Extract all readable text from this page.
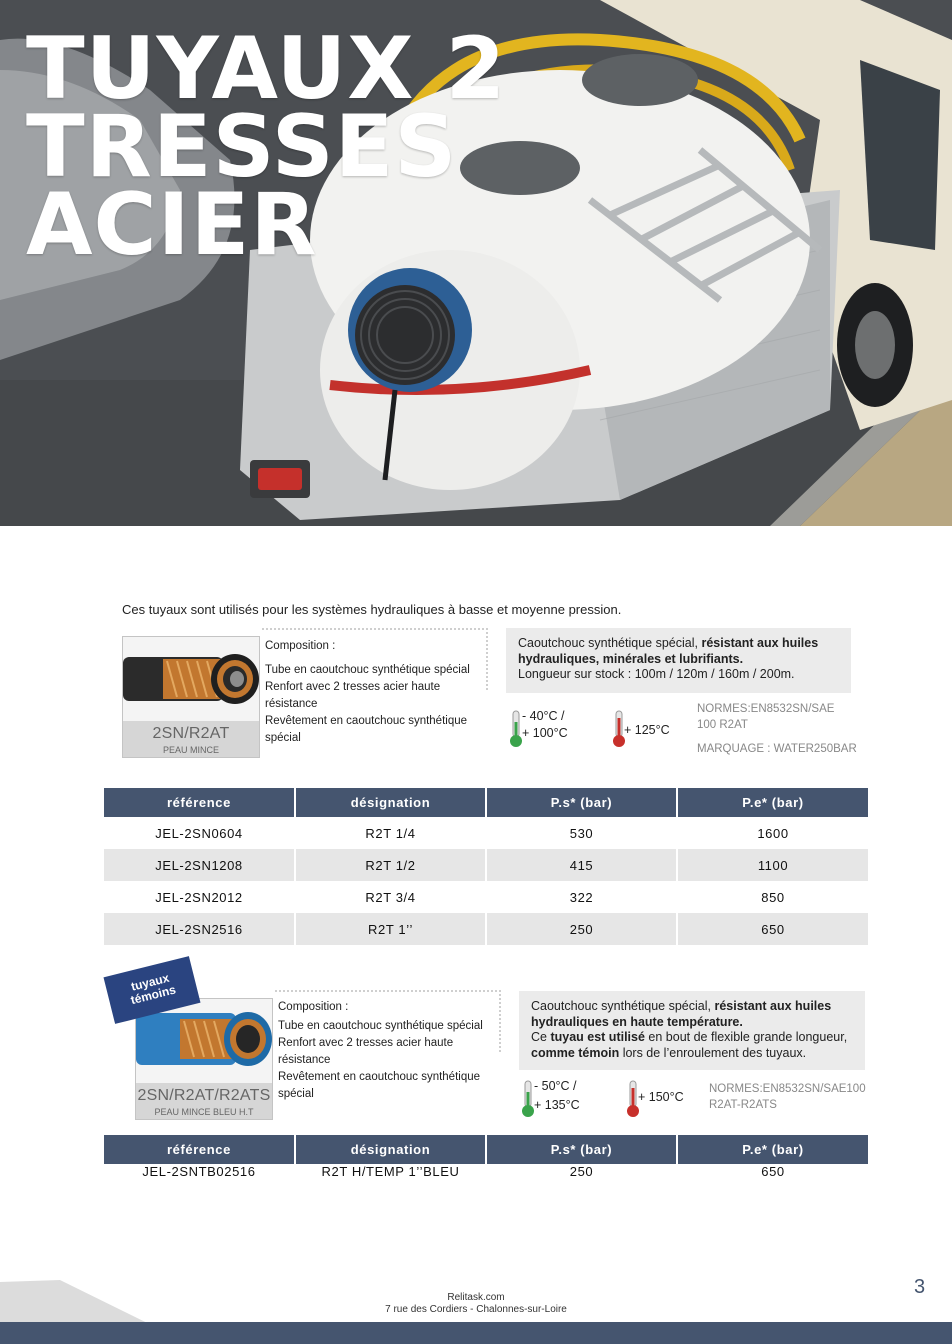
TUYAUX 2
TRESSES
ACIER
Ces tuyaux sont utilisés pour les systèmes hydrauliques à basse et moyenne pression.
2SN/R2AT
PEAU MINCE
Composition :
Tube en caoutchouc synthétique spécial
Renfort avec 2 tresses acier haute résistance
Revêtement en caoutchouc synthétique spécial
Caoutchouc synthétique spécial, résistant aux huiles hydrauliques, minérales et lubrifiants.
Longueur sur stock : 100m / 120m / 160m / 200m.
- 40°C /
+ 100°C	+ 125°C
NORMES:EN8532SN/SAE 100 R2AT
MARQUAGE : WATER250BAR
référence	désignation	P.s* (bar)	P.e* (bar)
JEL-2SN0604	R2T 1/4	530	1600
JEL-2SN1208	R2T 1/2	415	1100
JEL-2SN2012	R2T 3/4	322	850
JEL-2SN2516	R2T 1’’	250	650
tuyaux témoins
2SN/R2AT/R2ATS
PEAU MINCE BLEU H.T
Composition :
Tube en caoutchouc synthétique spécial
Renfort avec 2 tresses acier haute résistance
Revêtement en caoutchouc synthétique spécial
Caoutchouc synthétique spécial, résistant aux huiles hydrauliques en haute température.
Ce tuyau est utilisé en bout de flexible grande longueur,
comme témoin lors de l’enroulement des tuyaux.
- 50°C /
+ 135°C
+ 150°C
NORMES:EN8532SN/SAE100 R2AT-R2ATS
référence	désignation	P.s* (bar)	P.e* (bar)
JEL-2SNTB02516	R2T H/TEMP 1’’BLEU	250	650
Relitask.com
7 rue des Cordiers - Chalonnes-sur-Loire
3
